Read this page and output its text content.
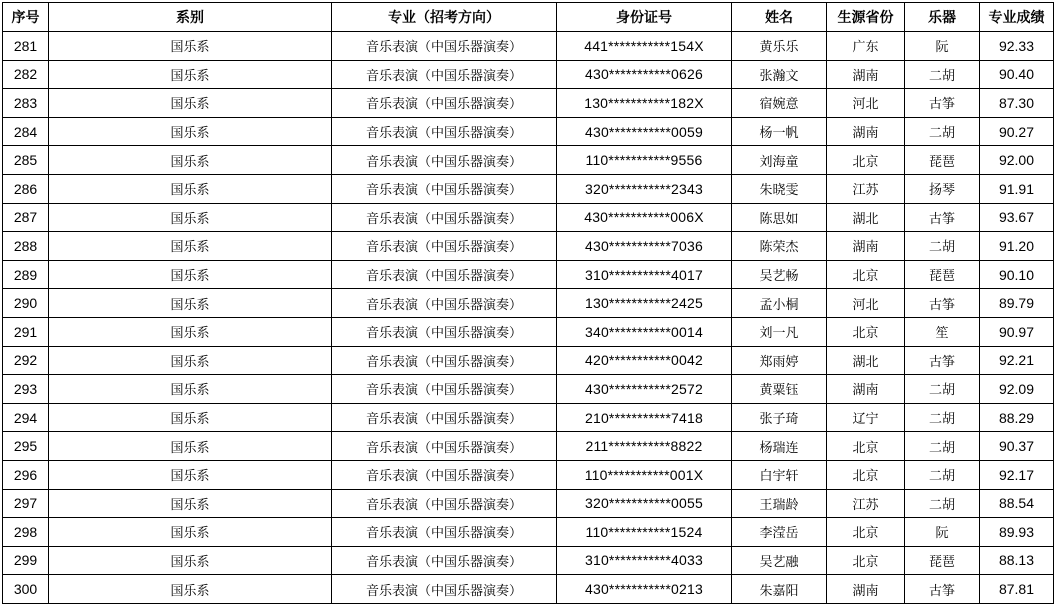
序号	系别	专业（招考方向）	身份证号	姓名	生源省份	乐器	专业成绩
281	国乐系	音乐表演（中国乐器演奏）	441***********154X	黄乐乐	广东	阮	92.33
282	国乐系	音乐表演（中国乐器演奏）	430***********0626	张瀚文	湖南	二胡	90.40
283	国乐系	音乐表演（中国乐器演奏）	130***********182X	宿婉意	河北	古筝	87.30
284	国乐系	音乐表演（中国乐器演奏）	430***********0059	杨一帆	湖南	二胡	90.27
285	国乐系	音乐表演（中国乐器演奏）	110***********9556	刘海童	北京	琵琶	92.00
286	国乐系	音乐表演（中国乐器演奏）	320***********2343	朱晓雯	江苏	扬琴	91.91
287	国乐系	音乐表演（中国乐器演奏）	430***********006X	陈思如	湖北	古筝	93.67
288	国乐系	音乐表演（中国乐器演奏）	430***********7036	陈荣杰	湖南	二胡	91.20
289	国乐系	音乐表演（中国乐器演奏）	310***********4017	吴艺畅	北京	琵琶	90.10
290	国乐系	音乐表演（中国乐器演奏）	130***********2425	孟小桐	河北	古筝	89.79
291	国乐系	音乐表演（中国乐器演奏）	340***********0014	刘一凡	北京	笙	90.97
292	国乐系	音乐表演（中国乐器演奏）	420***********0042	郑雨婷	湖北	古筝	92.21
293	国乐系	音乐表演（中国乐器演奏）	430***********2572	黄粟钰	湖南	二胡	92.09
294	国乐系	音乐表演（中国乐器演奏）	210***********7418	张子琦	辽宁	二胡	88.29
295	国乐系	音乐表演（中国乐器演奏）	211***********8822	杨瑞连	北京	二胡	90.37
296	国乐系	音乐表演（中国乐器演奏）	110***********001X	白宇轩	北京	二胡	92.17
297	国乐系	音乐表演（中国乐器演奏）	320***********0055	王瑞龄	江苏	二胡	88.54
298	国乐系	音乐表演（中国乐器演奏）	110***********1524	李滢岳	北京	阮	89.93
299	国乐系	音乐表演（中国乐器演奏）	310***********4033	吴艺融	北京	琵琶	88.13
300	国乐系	音乐表演（中国乐器演奏）	430***********0213	朱嘉阳	湖南	古筝	87.81
